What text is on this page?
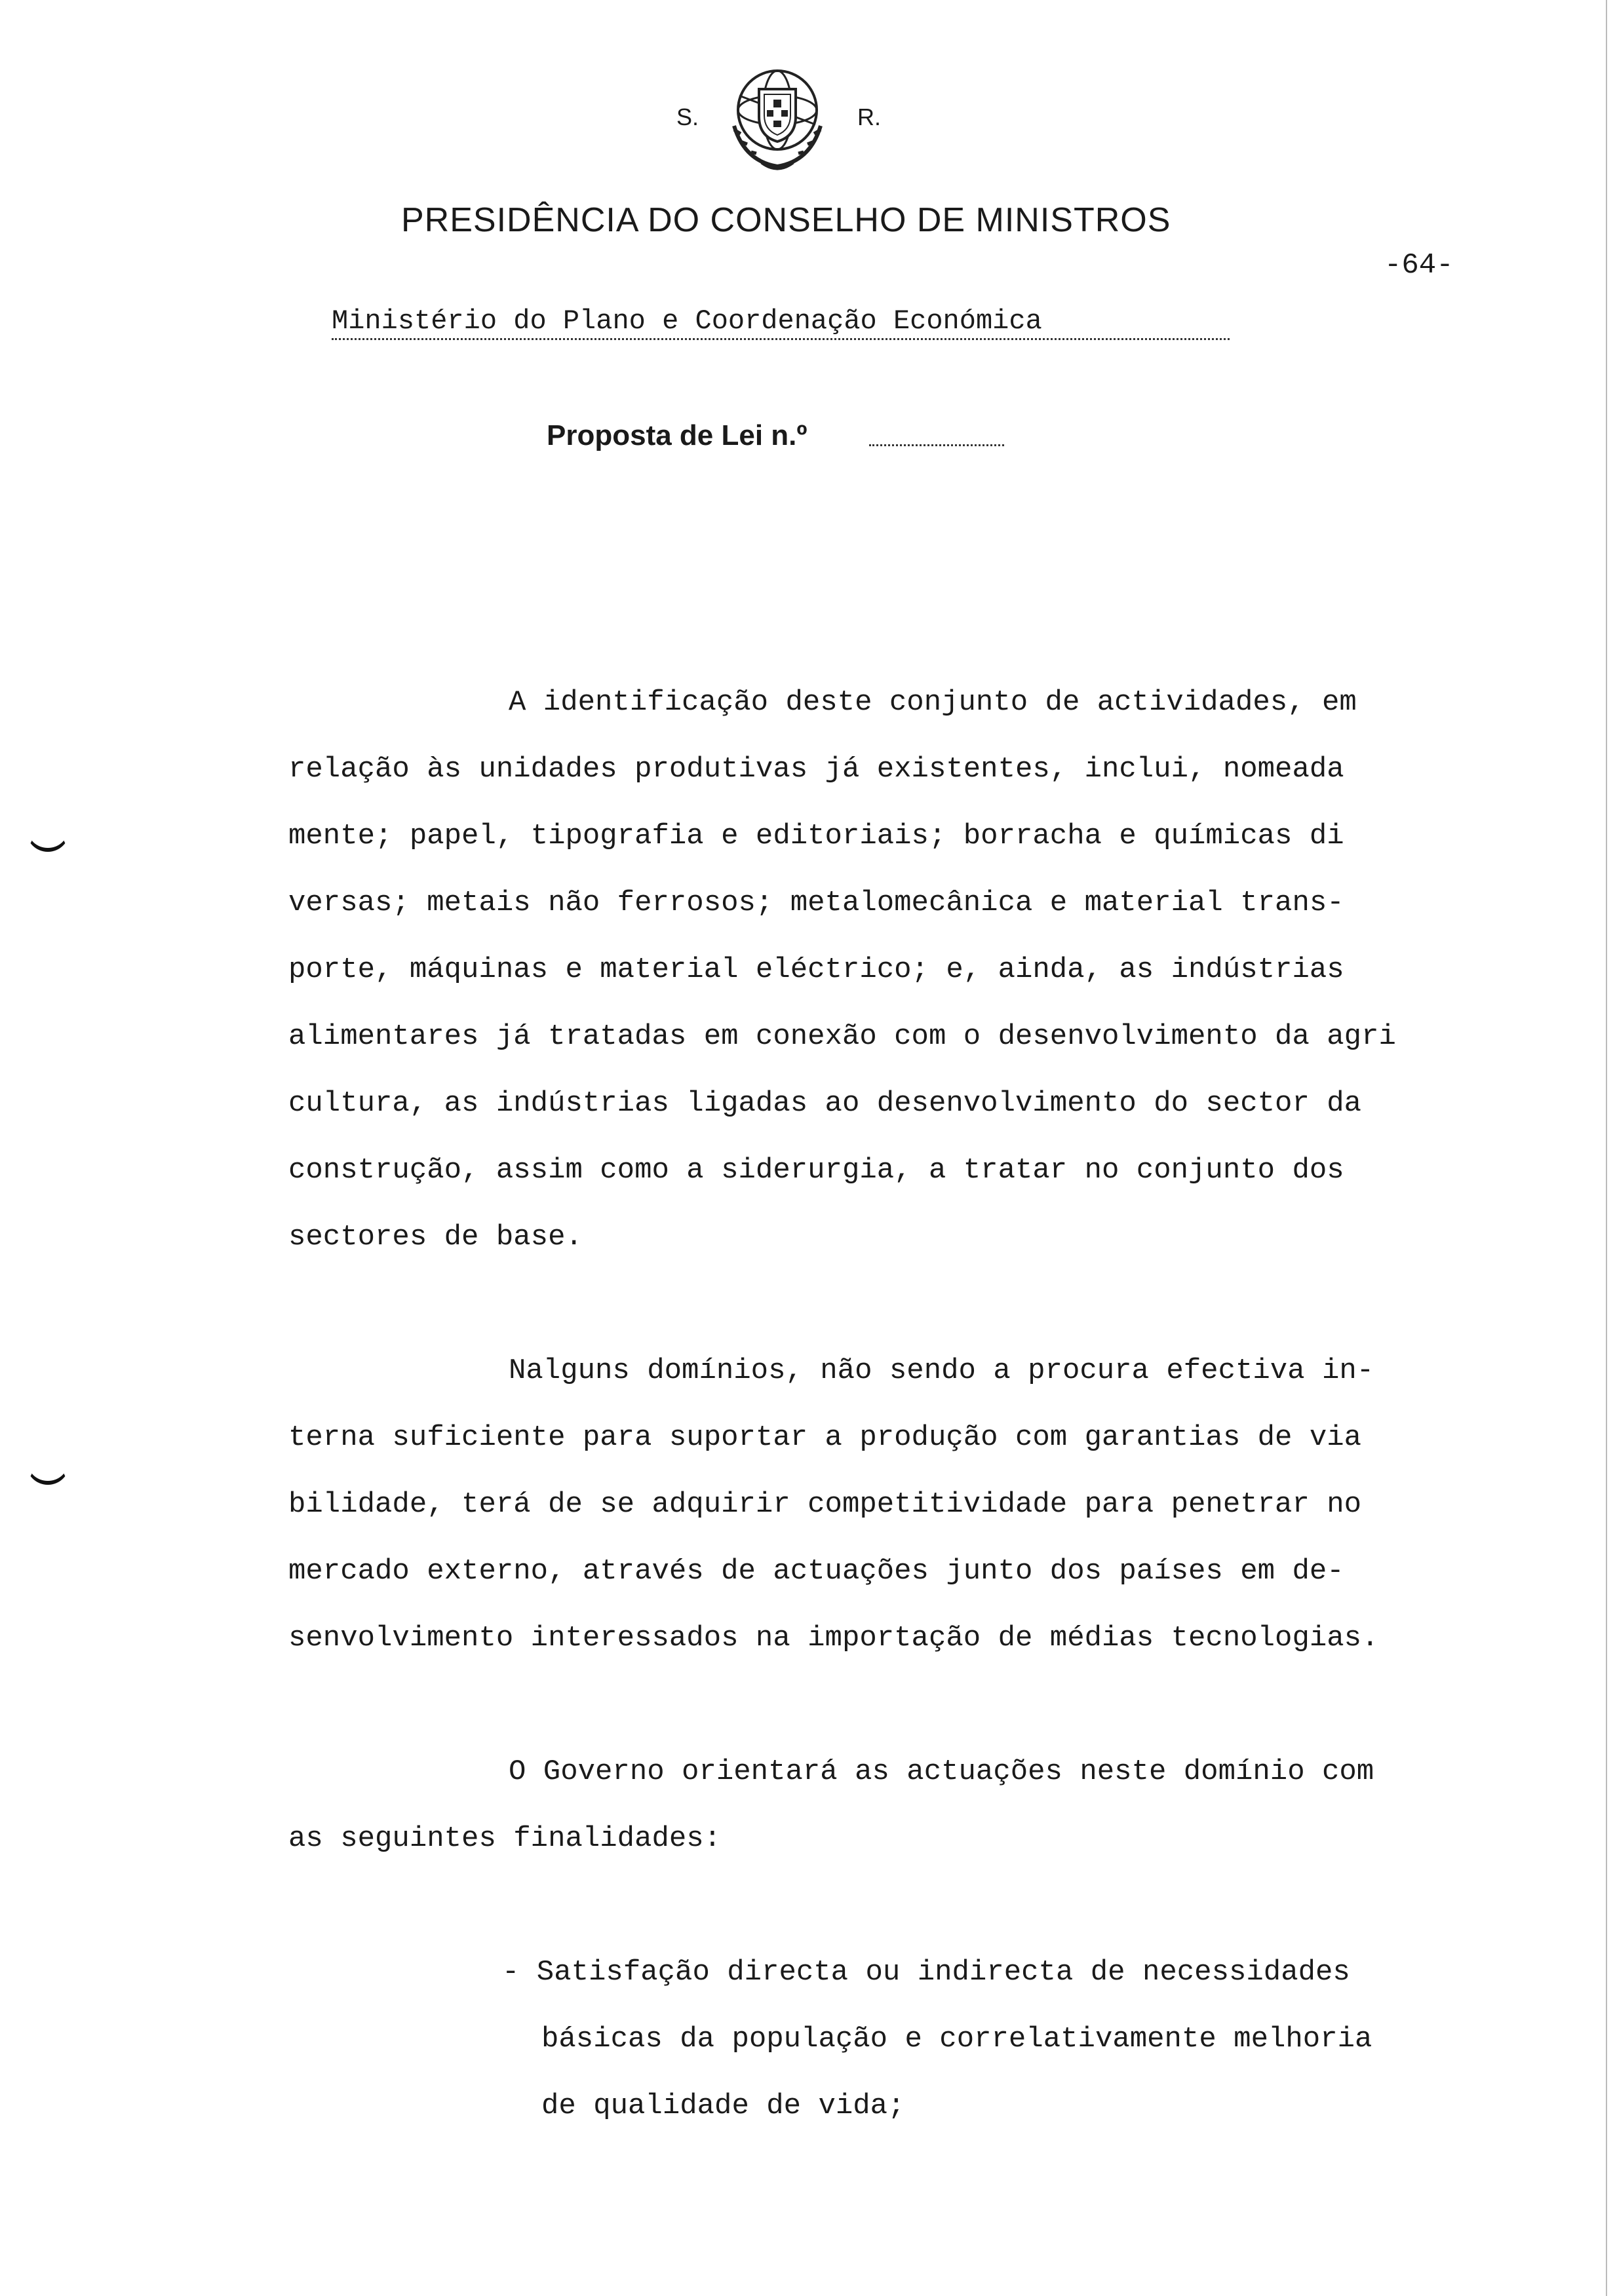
S.	R.
PRESIDÊNCIA DO CONSELHO DE MINISTROS
-64-
Ministério do Plano e Coordenação Económica
Proposta de Lei n.º
A identificação deste conjunto de actividades, em
relação às unidades produtivas já existentes, inclui, nomeada
mente; papel, tipografia e editoriais; borracha e químicas di
versas; metais não ferrosos; metalomecânica e material trans-
porte, máquinas e material eléctrico; e, ainda, as indústrias
alimentares já tratadas em conexão com o desenvolvimento da agri
cultura, as indústrias ligadas ao desenvolvimento do sector da
construção, assim como a siderurgia, a tratar no conjunto dos
sectores de base.
Nalguns domínios, não sendo a procura efectiva in-
terna suficiente para suportar a produção com garantias de via
bilidade, terá de se adquirir competitividade para penetrar no
mercado externo, através de actuações junto dos países em de-
senvolvimento interessados na importação de médias tecnologias.
O Governo orientará as actuações neste domínio com
as seguintes finalidades:
- Satisfação directa ou indirecta de necessidades
básicas da população e correlativamente melhoria
de qualidade de vida;
